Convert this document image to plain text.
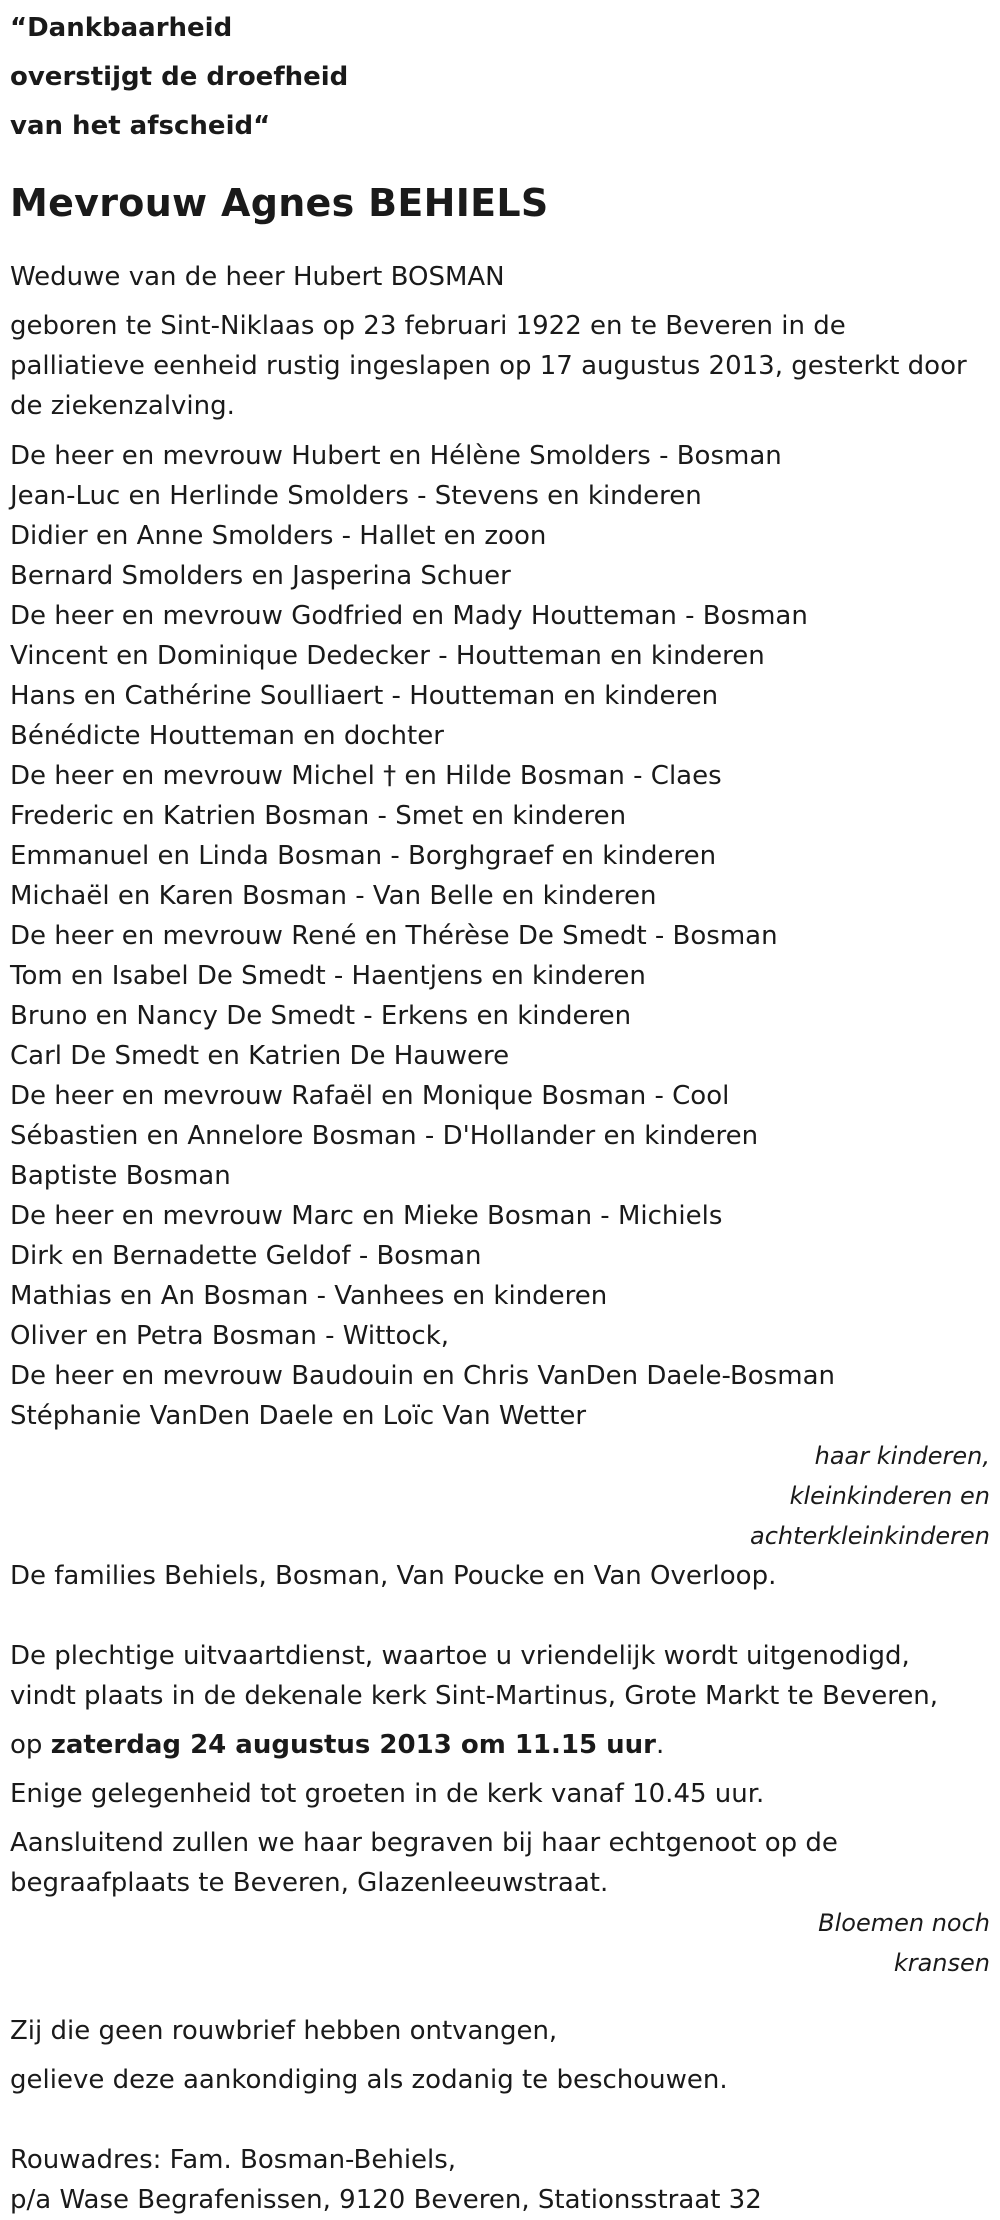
“Dankbaarheid
overstijgt de droefheid
van het afscheid“
Mevrouw Agnes BEHIELS
Weduwe van de heer Hubert BOSMAN
geboren te Sint-Niklaas op 23 februari 1922 en te Beveren in de
palliatieve eenheid rustig ingeslapen op 17 augustus 2013, gesterkt door
de ziekenzalving.
De heer en mevrouw Hubert en Hélène Smolders - Bosman
Jean-Luc en Herlinde Smolders - Stevens en kinderen
Didier en Anne Smolders - Hallet en zoon
Bernard Smolders en Jasperina Schuer
De heer en mevrouw Godfried en Mady Houtteman - Bosman
Vincent en Dominique Dedecker - Houtteman en kinderen
Hans en Cathérine Soulliaert - Houtteman en kinderen
Bénédicte Houtteman en dochter
De heer en mevrouw Michel † en Hilde Bosman - Claes
Frederic en Katrien Bosman - Smet en kinderen
Emmanuel en Linda Bosman - Borghgraef en kinderen
Michaël en Karen Bosman - Van Belle en kinderen
De heer en mevrouw René en Thérèse De Smedt - Bosman
Tom en Isabel De Smedt - Haentjens en kinderen
Bruno en Nancy De Smedt - Erkens en kinderen
Carl De Smedt en Katrien De Hauwere
De heer en mevrouw Rafaël en Monique Bosman - Cool
Sébastien en Annelore Bosman - D'Hollander en kinderen
Baptiste Bosman
De heer en mevrouw Marc en Mieke Bosman - Michiels
Dirk en Bernadette Geldof - Bosman
Mathias en An Bosman - Vanhees en kinderen
Oliver en Petra Bosman - Wittock,
De heer en mevrouw Baudouin en Chris VanDen Daele-Bosman
Stéphanie VanDen Daele en Loïc Van Wetter
haar kinderen,
kleinkinderen en
achterkleinkinderen
De families Behiels, Bosman, Van Poucke en Van Overloop.
De plechtige uitvaartdienst, waartoe u vriendelijk wordt uitgenodigd,
vindt plaats in de dekenale kerk Sint-Martinus, Grote Markt te Beveren,
op zaterdag 24 augustus 2013 om 11.15 uur.
Enige gelegenheid tot groeten in de kerk vanaf 10.45 uur.
Aansluitend zullen we haar begraven bij haar echtgenoot op de
begraafplaats te Beveren, Glazenleeuwstraat.
Bloemen noch
kransen
Zij die geen rouwbrief hebben ontvangen,
gelieve deze aankondiging als zodanig te beschouwen.
Rouwadres: Fam. Bosman-Behiels,
p/a Wase Begrafenissen, 9120 Beveren, Stationsstraat 32
